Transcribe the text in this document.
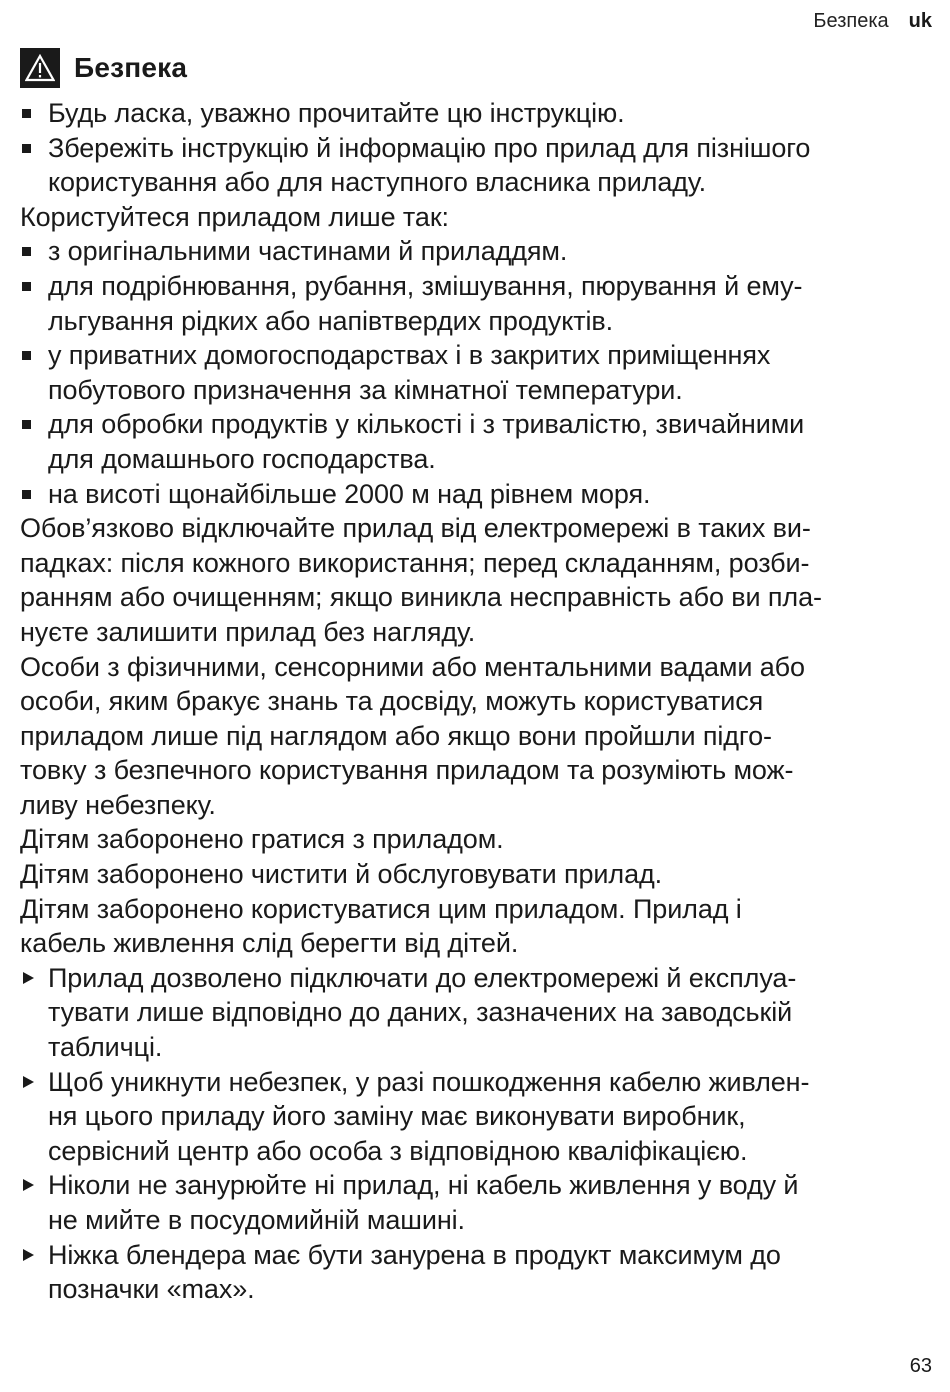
Безпека uk
Безпека
Будь ласка, уважно прочитайте цю інструкцію.
Збережіть інструкцію й інформацію про прилад для пізнішого
користування або для наступного власника приладу.
Користуйтеся приладом лише так:
з оригінальними частинами й приладдям.
для подрібнювання, рубання, змішування, пюрування й ему-
льгування рідких або напівтвердих продуктів.
у приватних домогосподарствах і в закритих приміщеннях
побутового призначення за кімнатної температури.
для обробки продуктів у кількості і з тривалістю, звичайними
для домашнього господарства.
на висоті щонайбільше 2000 м над рівнем моря.
Обов’язково відключайте прилад від електромережі в таких ви-
падках: після кожного використання; перед складанням, розби-
ранням або очищенням; якщо виникла несправність або ви пла-
нуєте залишити прилад без нагляду.
Особи з фізичними, сенсорними або ментальними вадами або
особи, яким бракує знань та досвіду, можуть користуватися
приладом лише під наглядом або якщо вони пройшли підго-
товку з безпечного користування приладом та розуміють мож-
ливу небезпеку.
Дітям заборонено гратися з приладом.
Дітям заборонено чистити й обслуговувати прилад.
Дітям заборонено користуватися цим приладом. Прилад і
кабель живлення слід берегти від дітей.
Прилад дозволено підключати до електромережі й експлуа-
тувати лише відповідно до даних, зазначених на заводській
табличці.
Щоб уникнути небезпек, у разі пошкодження кабелю живлен-
ня цього приладу його заміну має виконувати виробник,
сервісний центр або особа з відповідною кваліфікацією.
Ніколи не занурюйте ні прилад, ні кабель живлення у воду й
не мийте в посудомийній машині.
Ніжка блендера має бути занурена в продукт максимум до
позначки «max».
63
